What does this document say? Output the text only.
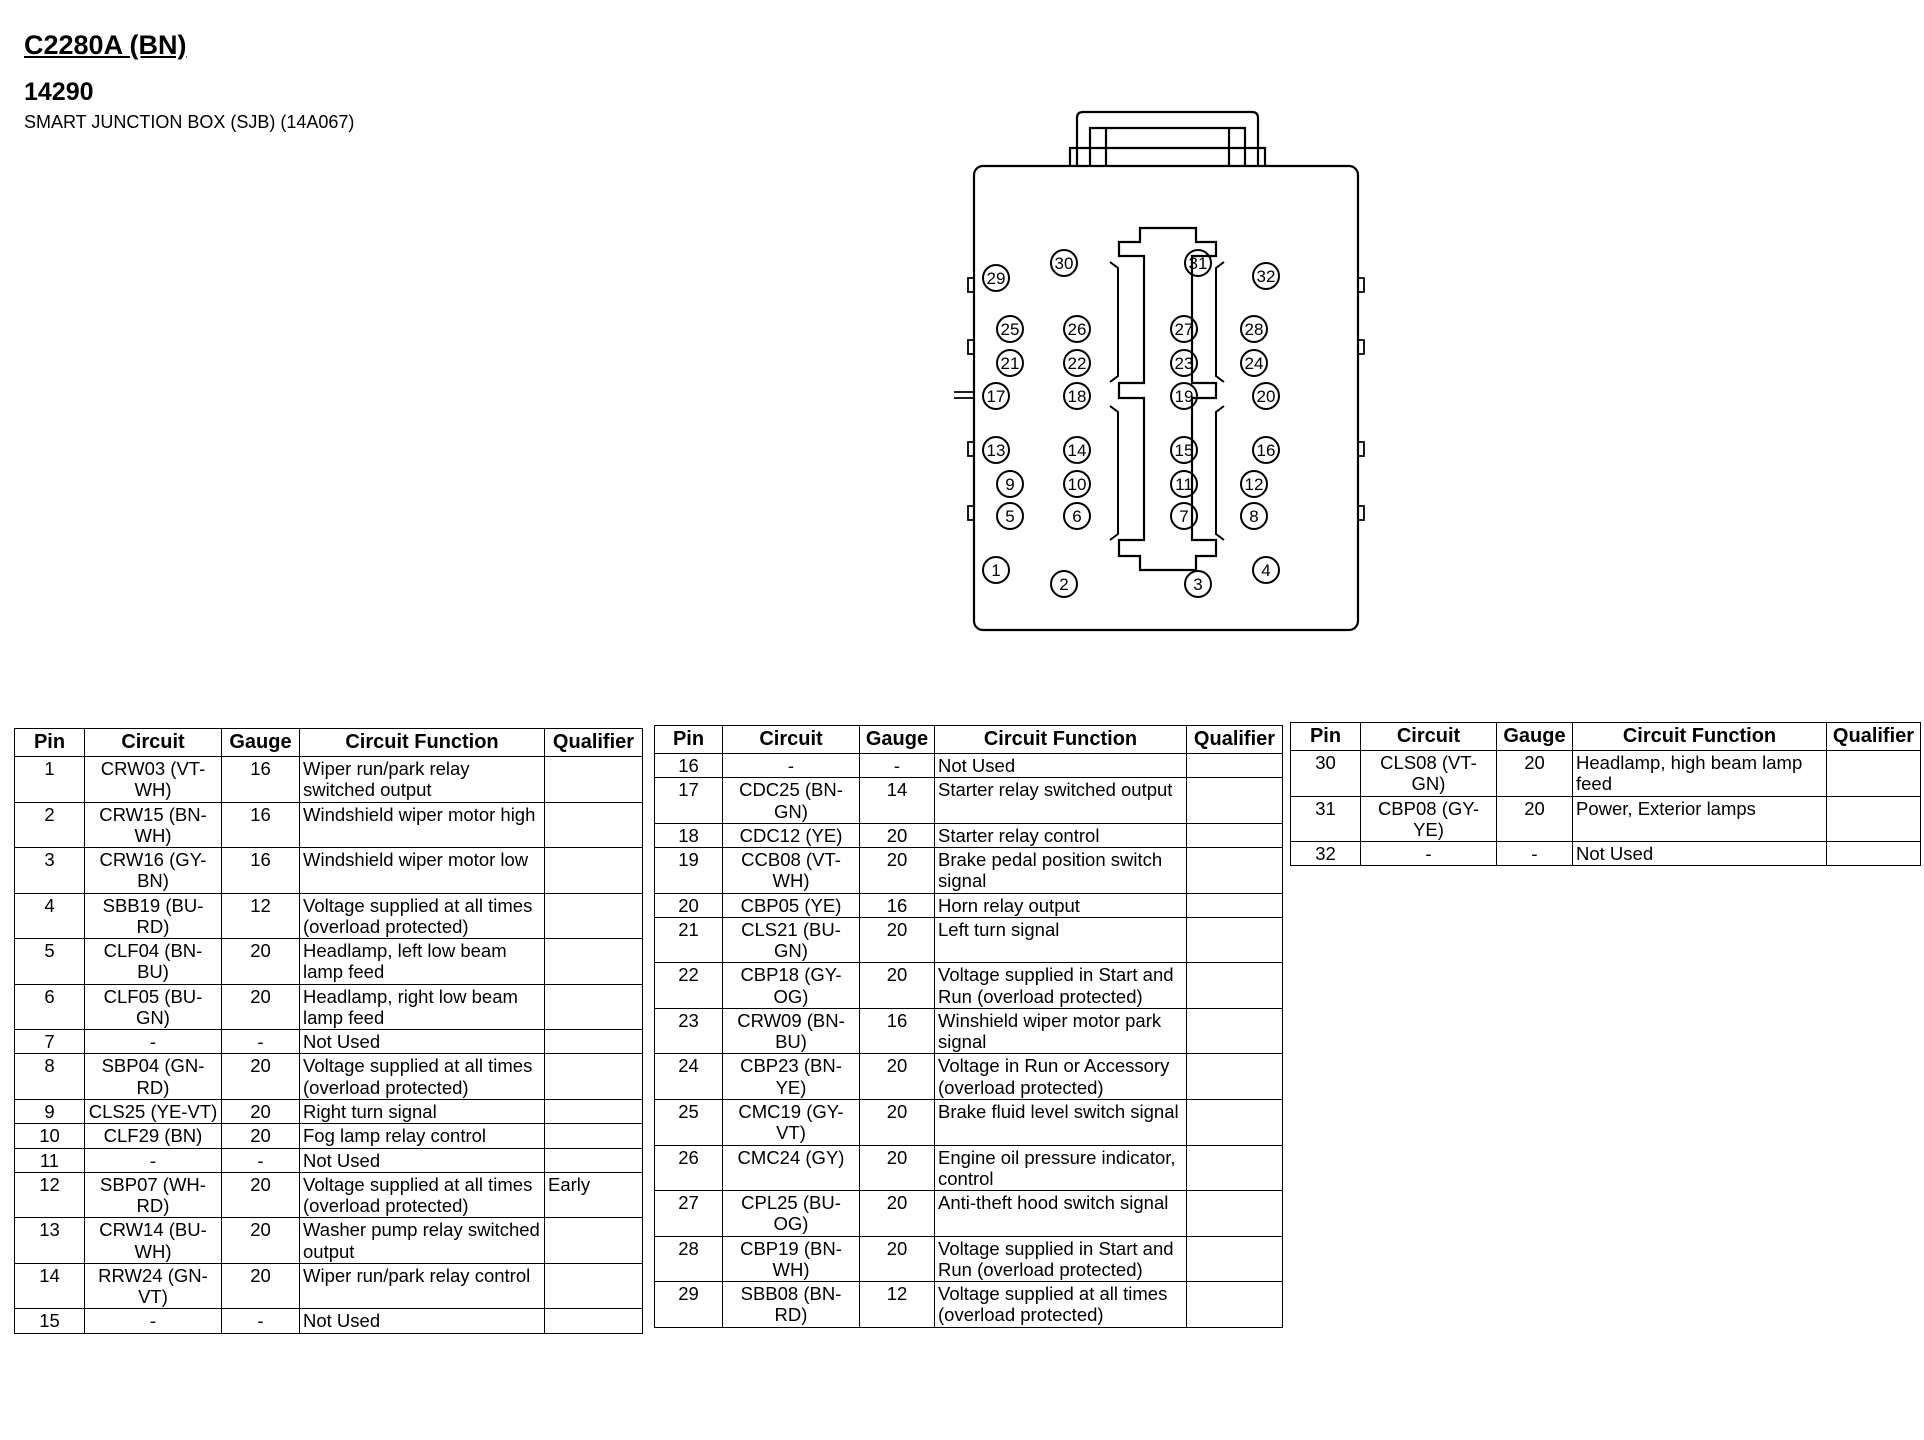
C2280A (BN)
14290
SMART JUNCTION BOX (SJB) (14A067)
1
2	3
4
5	6	7	8
9	10	11	12
13	14	15	16
17	18	19	20
21	22	23	24
25	26	27	28
29
30	31
32
Pin	Circuit	Gauge	Circuit Function	Qualifier
1	CRW03 (VT-WH)	16	Wiper run/park relay switched output	
2	CRW15 (BN-WH)	16	Windshield wiper motor high	
3	CRW16 (GY-BN)	16	Windshield wiper motor low	
4	SBB19 (BU-RD)	12	Voltage supplied at all times (overload protected)	
5	CLF04 (BN-BU)	20	Headlamp, left low beam lamp feed	
6	CLF05 (BU-GN)	20	Headlamp, right low beam lamp feed	
7	-	-	Not Used	
8	SBP04 (GN-RD)	20	Voltage supplied at all times (overload protected)	
9	CLS25 (YE-VT)	20	Right turn signal	
10	CLF29 (BN)	20	Fog lamp relay control	
11	-	-	Not Used	
12	SBP07 (WH-RD)	20	Voltage supplied at all times (overload protected)	Early
13	CRW14 (BU-WH)	20	Washer pump relay switched output	
14	RRW24 (GN-VT)	20	Wiper run/park relay control	
15	-	-	Not Used	
Pin	Circuit	Gauge	Circuit Function	Qualifier
16	-	-	Not Used	
17	CDC25 (BN-GN)	14	Starter relay switched output	
18	CDC12 (YE)	20	Starter relay control	
19	CCB08 (VT-WH)	20	Brake pedal position switch signal	
20	CBP05 (YE)	16	Horn relay output	
21	CLS21 (BU-GN)	20	Left turn signal	
22	CBP18 (GY-OG)	20	Voltage supplied in Start and Run (overload protected)	
23	CRW09 (BN-BU)	16	Winshield wiper motor park signal	
24	CBP23 (BN-YE)	20	Voltage in Run or Accessory (overload protected)	
25	CMC19 (GY-VT)	20	Brake fluid level switch signal	
26	CMC24 (GY)	20	Engine oil pressure indicator, control	
27	CPL25 (BU-OG)	20	Anti-theft hood switch signal	
28	CBP19 (BN-WH)	20	Voltage supplied in Start and Run (overload protected)	
29	SBB08 (BN-RD)	12	Voltage supplied at all times (overload protected)	
Pin	Circuit	Gauge	Circuit Function	Qualifier
30	CLS08 (VT-GN)	20	Headlamp, high beam lamp feed	
31	CBP08 (GY-YE)	20	Power, Exterior lamps	
32	-	-	Not Used	
